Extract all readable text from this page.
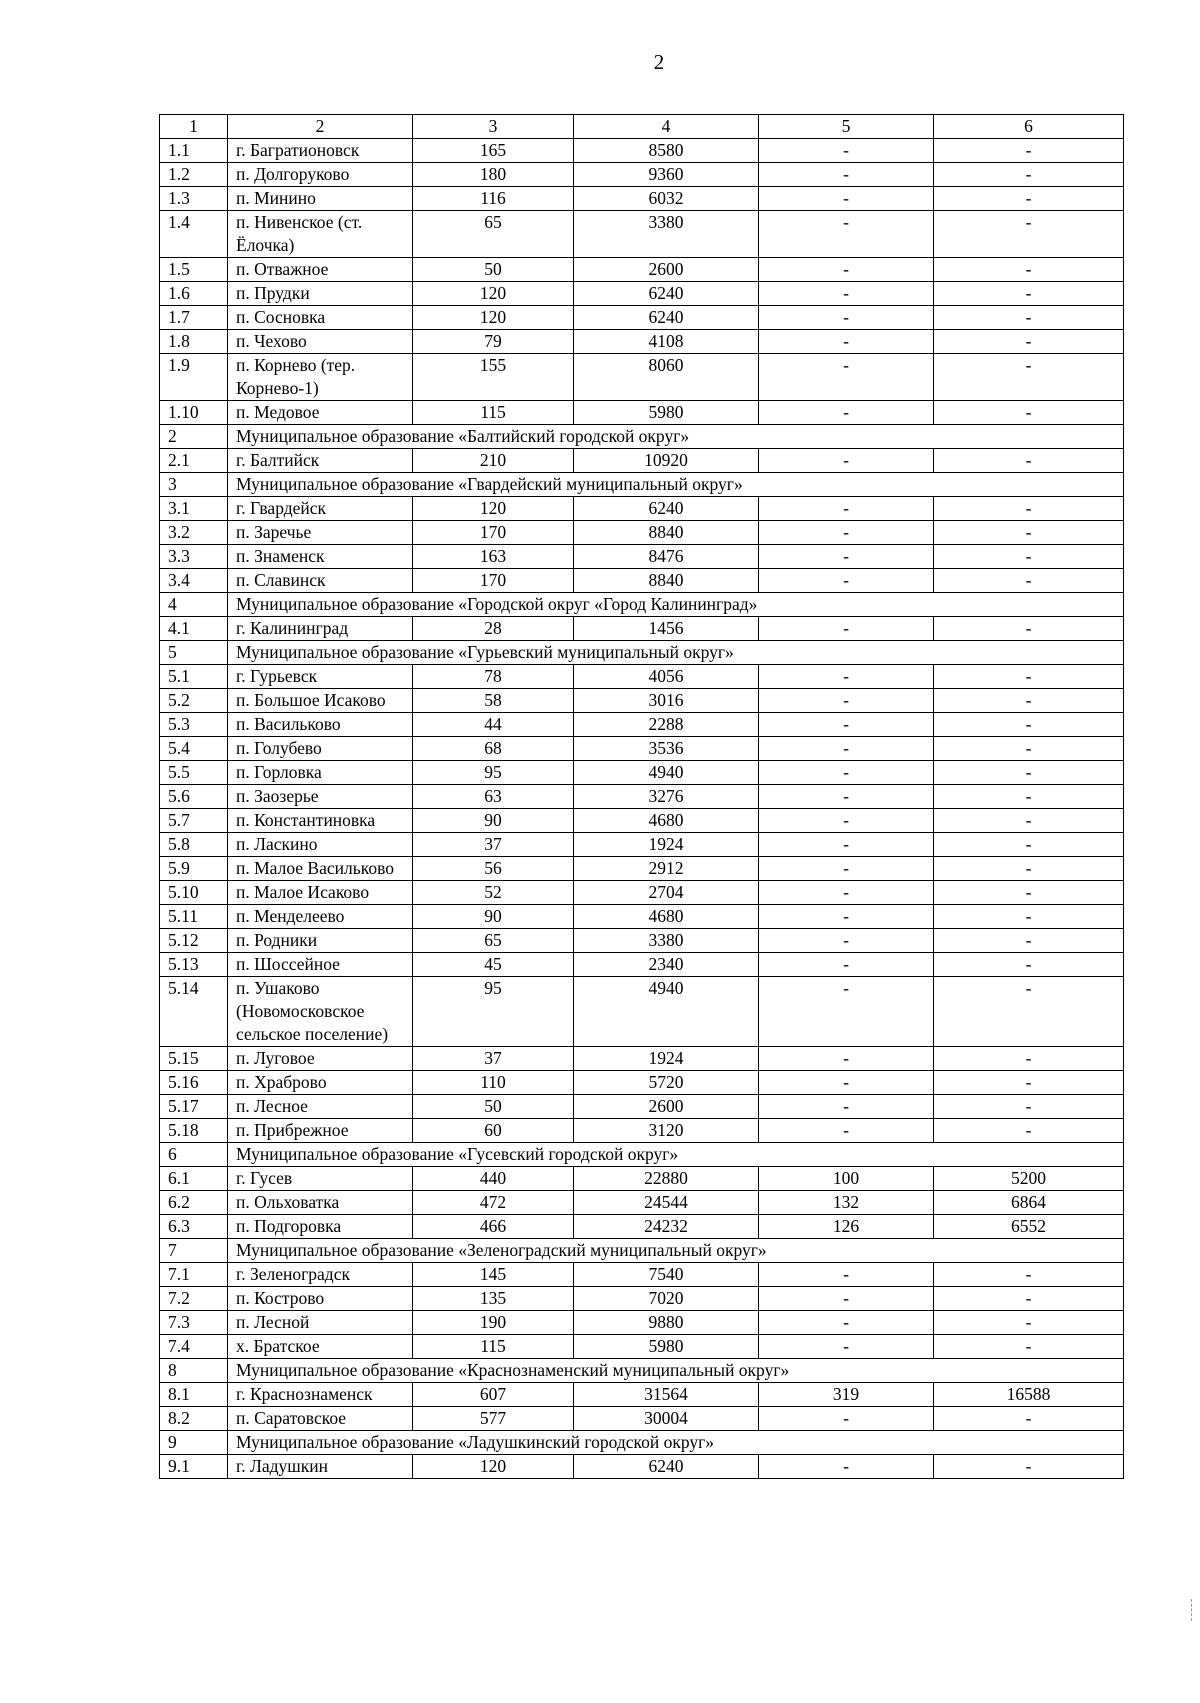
2
1	2	3	4	5	6
1.1	г. Багратионовск	165	8580	-	-
1.2	п. Долгоруково	180	9360	-	-
1.3	п. Минино	116	6032	-	-
1.4	п. Нивенское (ст. Ёлочка)	65	3380	-	-
1.5	п. Отважное	50	2600	-	-
1.6	п. Прудки	120	6240	-	-
1.7	п. Сосновка	120	6240	-	-
1.8	п. Чехово	79	4108	-	-
1.9	п. Корнево (тер. Корнево-1)	155	8060	-	-
1.10	п. Медовое	115	5980	-	-
2	Муниципальное образование «Балтийский городской округ»				
2.1	г. Балтийск	210	10920	-	-
3	Муниципальное образование «Гвардейский муниципальный округ»				
3.1	г. Гвардейск	120	6240	-	-
3.2	п. Заречье	170	8840	-	-
3.3	п. Знаменск	163	8476	-	-
3.4	п. Славинск	170	8840	-	-
4	Муниципальное образование «Городской округ «Город Калининград»				
4.1	г. Калининград	28	1456	-	-
5	Муниципальное образование «Гурьевский муниципальный округ»				
5.1	г. Гурьевск	78	4056	-	-
5.2	п. Большое Исаково	58	3016	-	-
5.3	п. Васильково	44	2288	-	-
5.4	п. Голубево	68	3536	-	-
5.5	п. Горловка	95	4940	-	-
5.6	п. Заозерье	63	3276	-	-
5.7	п. Константиновка	90	4680	-	-
5.8	п. Ласкино	37	1924	-	-
5.9	п. Малое Васильково	56	2912	-	-
5.10	п. Малое Исаково	52	2704	-	-
5.11	п. Менделеево	90	4680	-	-
5.12	п. Родники	65	3380	-	-
5.13	п. Шоссейное	45	2340	-	-
5.14	п. Ушаково (Новомосковское сельское поселение)	95	4940	-	-
5.15	п. Луговое	37	1924	-	-
5.16	п. Храброво	110	5720	-	-
5.17	п. Лесное	50	2600	-	-
5.18	п. Прибрежное	60	3120	-	-
6	Муниципальное образование «Гусевский городской округ»				
6.1	г. Гусев	440	22880	100	5200
6.2	п. Ольховатка	472	24544	132	6864
6.3	п. Подгоровка	466	24232	126	6552
7	Муниципальное образование «Зеленоградский муниципальный округ»				
7.1	г. Зеленоградск	145	7540	-	-
7.2	п. Кострово	135	7020	-	-
7.3	п. Лесной	190	9880	-	-
7.4	х. Братское	115	5980	-	-
8	Муниципальное образование «Краснознаменский муниципальный округ»				
8.1	г. Краснознаменск	607	31564	319	16588
8.2	п. Саратовское	577	30004	-	-
9	Муниципальное образование «Ладушкинский городской округ»				
9.1	г. Ладушкин	120	6240	-	-
